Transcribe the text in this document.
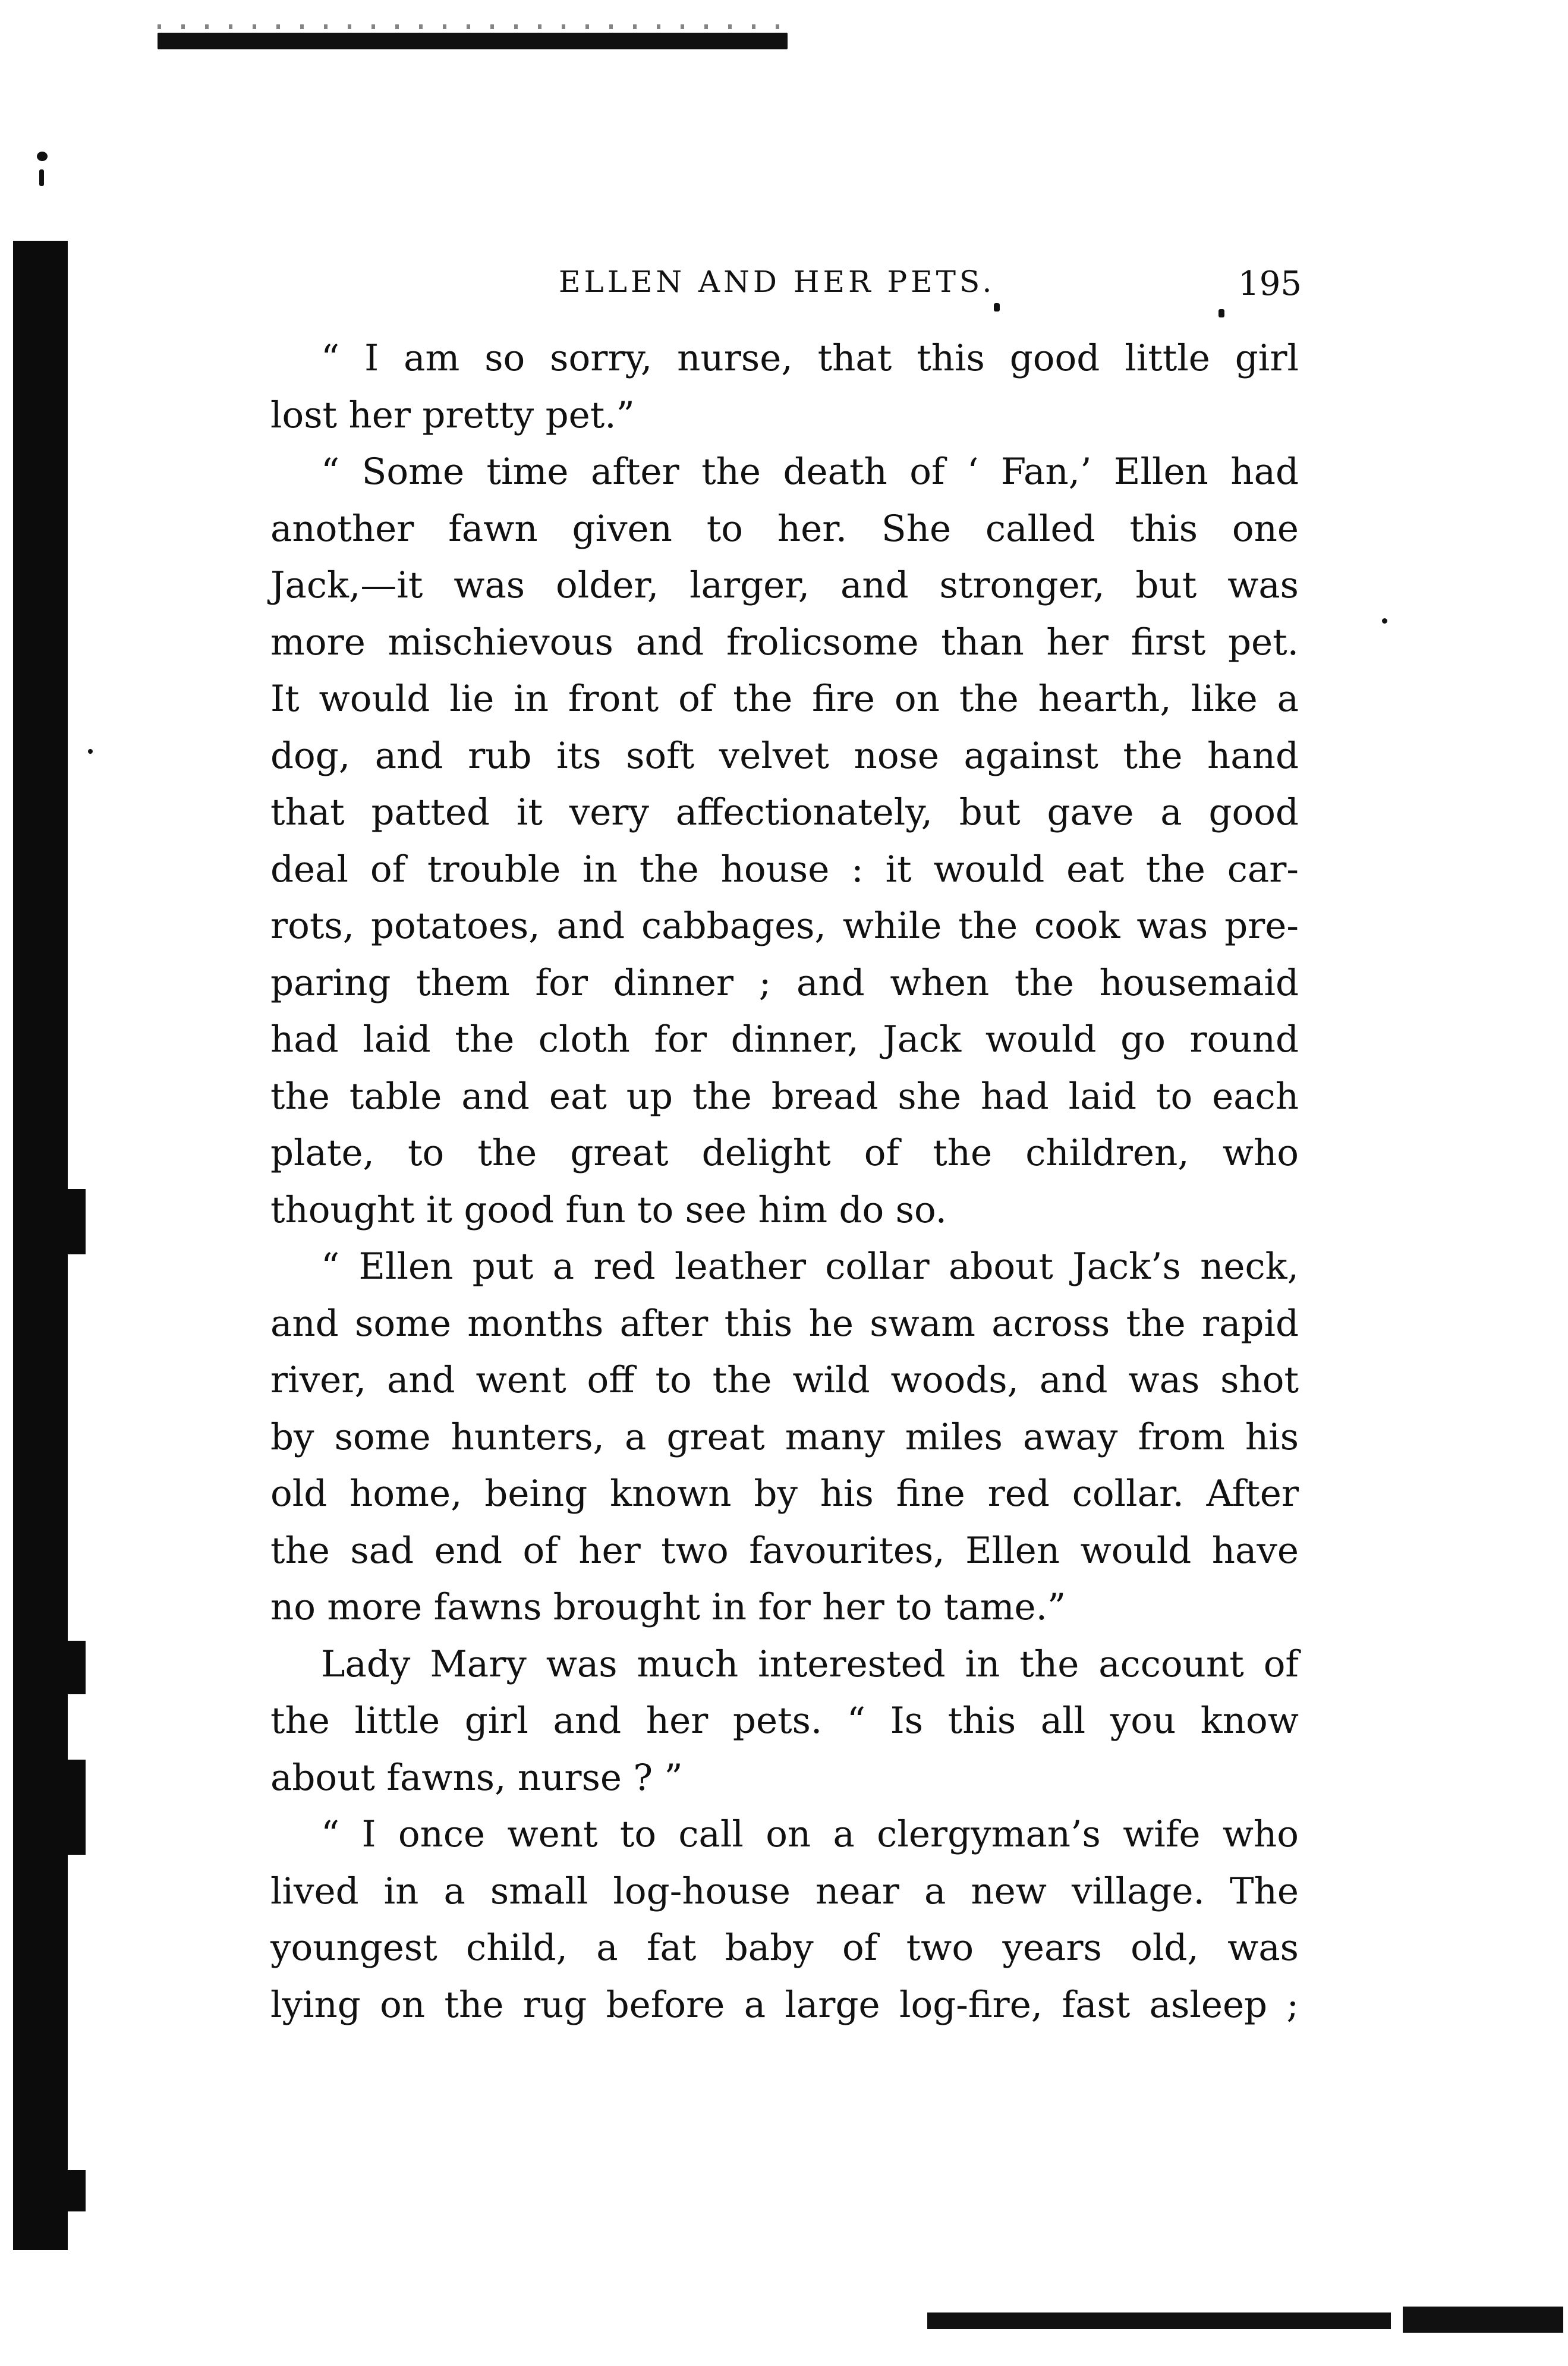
ELLEN AND HER PETS.	195
“ I am so sorry, nurse, that this good little girl
lost her pretty pet.”
“ Some time after the death of ‘ Fan,’ Ellen had
another fawn given to her. She called this one
Jack,—it was older, larger, and stronger, but was
more mischievous and frolicsome than her first pet.
It would lie in front of the fire on the hearth, like a
dog, and rub its soft velvet nose against the hand
that patted it very affectionately, but gave a good
deal of trouble in the house : it would eat the car-
rots, potatoes, and cabbages, while the cook was pre-
paring them for dinner ; and when the housemaid
had laid the cloth for dinner, Jack would go round
the table and eat up the bread she had laid to each
plate, to the great delight of the children, who
thought it good fun to see him do so.
“ Ellen put a red leather collar about Jack’s neck,
and some months after this he swam across the rapid
river, and went off to the wild woods, and was shot
by some hunters, a great many miles away from his
old home, being known by his fine red collar. After
the sad end of her two favourites, Ellen would have
no more fawns brought in for her to tame.”
Lady Mary was much interested in the account of
the little girl and her pets. “ Is this all you know
about fawns, nurse ? ”
“ I once went to call on a clergyman’s wife who
lived in a small log-house near a new village. The
youngest child, a fat baby of two years old, was
lying on the rug before a large log-fire, fast asleep ;
